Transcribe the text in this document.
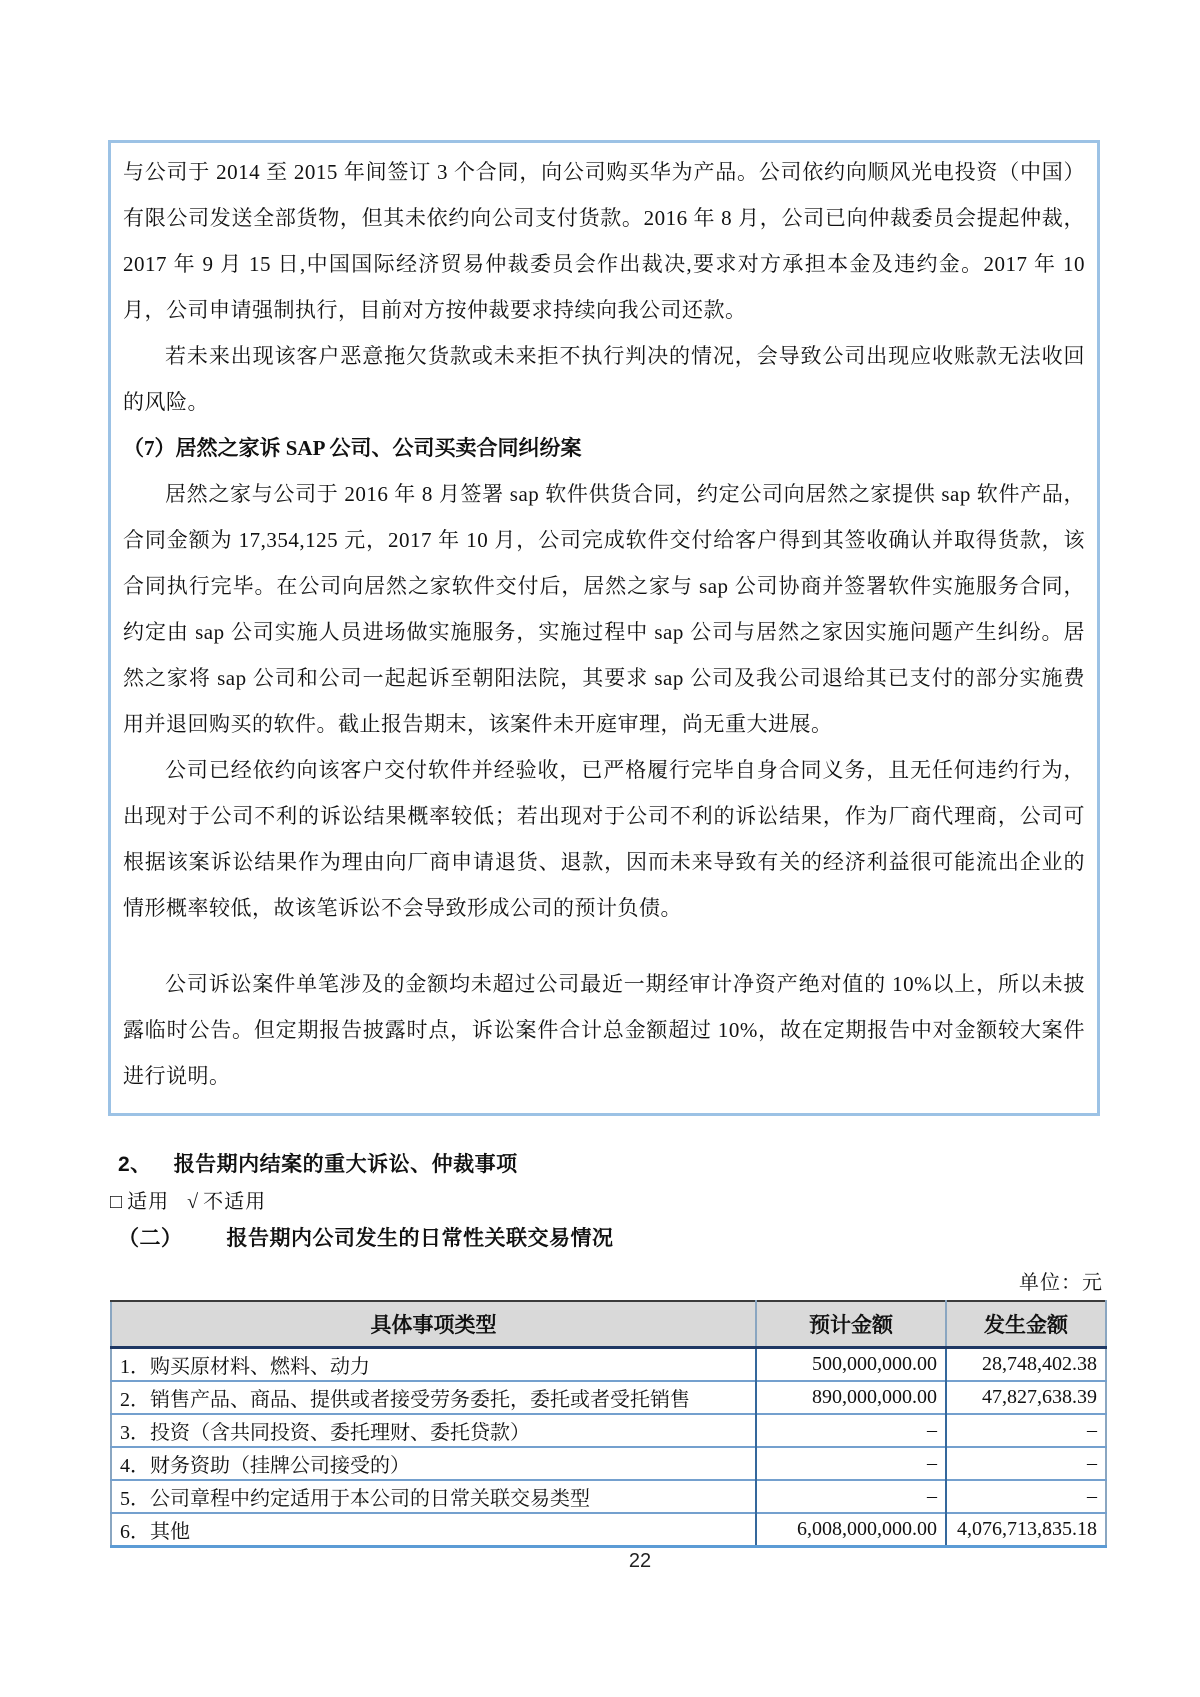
与公司于 2014 至 2015 年间签订 3 个合同，向公司购买华为产品。公司依约向顺风光电投资（中国）有限公司发送全部货物，但其未依约向公司支付货款。2016 年 8 月，公司已向仲裁委员会提起仲裁，2017 年 9 月 15 日,中国国际经济贸易仲裁委员会作出裁决,要求对方承担本金及违约金。2017 年 10 月，公司申请强制执行，目前对方按仲裁要求持续向我公司还款。

若未来出现该客户恶意拖欠货款或未来拒不执行判决的情况，会导致公司出现应收账款无法收回的风险。

（7）居然之家诉 SAP 公司、公司买卖合同纠纷案

居然之家与公司于 2016 年 8 月签署 sap 软件供货合同，约定公司向居然之家提供 sap 软件产品，合同金额为 17,354,125 元，2017 年 10 月，公司完成软件交付给客户得到其签收确认并取得货款，该合同执行完毕。在公司向居然之家软件交付后，居然之家与 sap 公司协商并签署软件实施服务合同，约定由 sap 公司实施人员进场做实施服务，实施过程中 sap 公司与居然之家因实施问题产生纠纷。居然之家将 sap 公司和公司一起起诉至朝阳法院，其要求 sap 公司及我公司退给其已支付的部分实施费用并退回购买的软件。截止报告期末，该案件未开庭审理，尚无重大进展。

公司已经依约向该客户交付软件并经验收，已严格履行完毕自身合同义务，且无任何违约行为，出现对于公司不利的诉讼结果概率较低；若出现对于公司不利的诉讼结果，作为厂商代理商，公司可根据该案诉讼结果作为理由向厂商申请退货、退款，因而未来导致有关的经济利益很可能流出企业的情形概率较低，故该笔诉讼不会导致形成公司的预计负债。

公司诉讼案件单笔涉及的金额均未超过公司最近一期经审计净资产绝对值的 10%以上，所以未披露临时公告。但定期报告披露时点，诉讼案件合计总金额超过 10%，故在定期报告中对金额较大案件进行说明。

2、 报告期内结案的重大诉讼、仲裁事项
□ 适用 √ 不适用
（二） 报告期内公司发生的日常性关联交易情况
单位：元
具体事项类型	预计金额	发生金额
1．购买原材料、燃料、动力	500,000,000.00	28,748,402.38
2．销售产品、商品、提供或者接受劳务委托，委托或者受托销售	890,000,000.00	47,827,638.39
3．投资（含共同投资、委托理财、委托贷款）	–	–
4．财务资助（挂牌公司接受的）	–	–
5．公司章程中约定适用于本公司的日常关联交易类型	–	–
6．其他	6,008,000,000.00	4,076,713,835.18
22
